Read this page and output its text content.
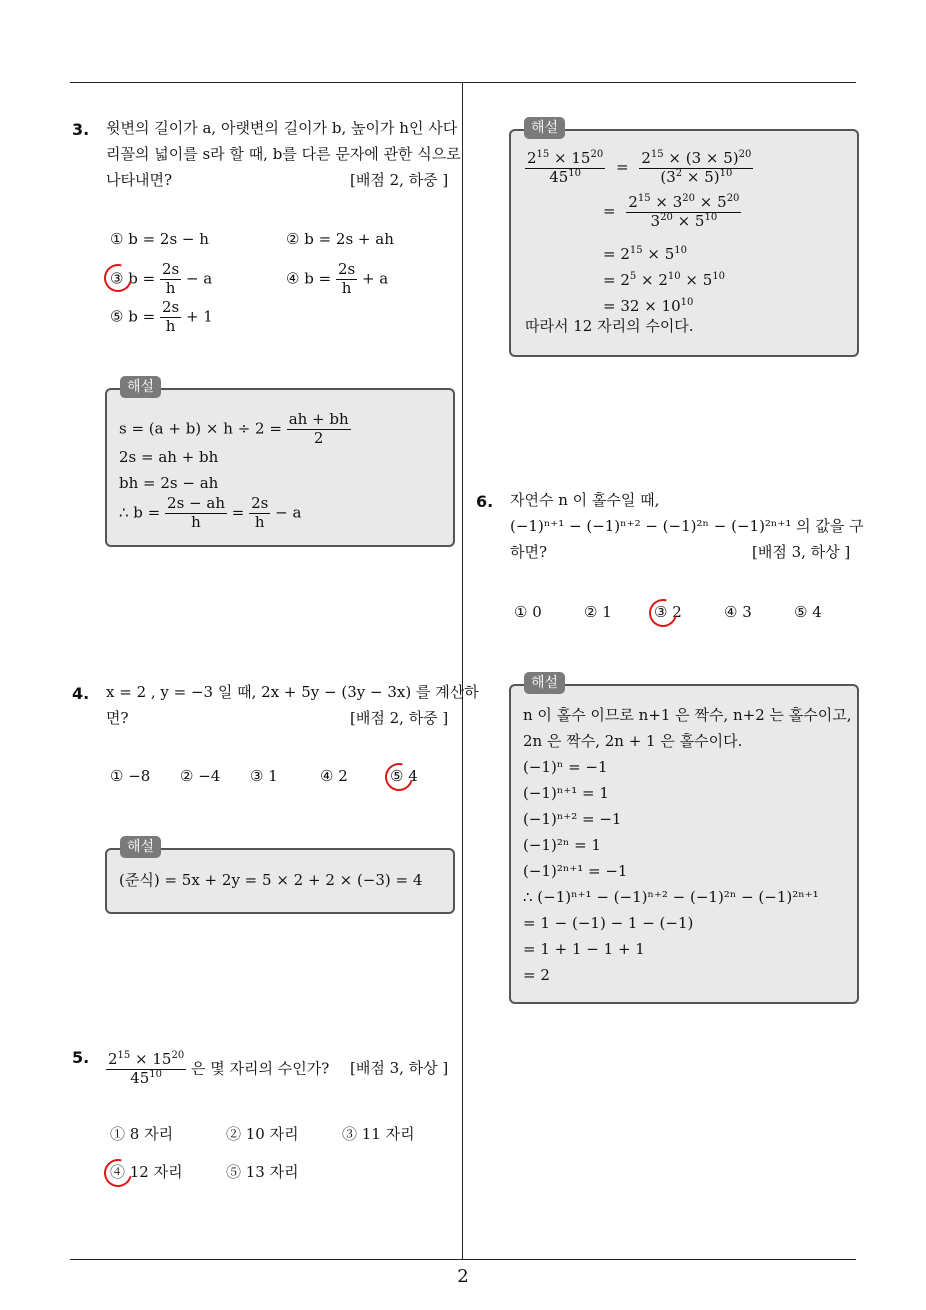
2
3. 윗변의 길이가 a, 아랫변의 길이가 b, 높이가 h인 사다
리꼴의 넓이를 s라 할 때, b를 다른 문자에 관한 식으로
나타내면?	[배점 2, 하중 ]
① b = 2s − h	② b = 2s + ah
③ $b = \frac{2s}{h} - a$	④ $b = \frac{2s}{h} + a$
⑤ $b = \frac{2s}{h} + 1$
$s = (a + b) \times h \div 2 = \frac{ah + bh}{2}$
2s = ah + bh
bh = 2s − ah
∴ $b = \frac{2s - ah}{h} = \frac{2s}{h} - a$
해설
4. x = 2 , y = −3 일 때, 2x + 5y − (3y − 3x) 를 계산하
면?	[배점 2, 하중 ]
① −8 ② −4 ③ 1	④ 2	⑤ 4
(준식) = 5x + 2y = 5 × 2 + 2 × (−3) = 4
해설
5. $\frac{2^{15} \times 15^{20}}{45^{10}}$ 은 몇 자리의 수인가? [배점 3, 하상 ]
① 8 자리	② 10 자리	③ 11 자리
④ 12 자리	⑤ 13 자리
$\frac{2^{15} \times 15^{20}}{45^{10}} = \frac{2^{15} \times (3 \times 5)^{20}}{(3^2 \times 5)^{10}}$
= $\frac{2^{15} \times 3^{20} \times 5^{20}}{3^{20} \times 5^{10}}$
= $2^{15} \times 5^{10}$
= $2^5 \times 2^{10} \times 5^{10}$
= $32 \times 10^{10}$
따라서 12 자리의 수이다.
해설
6. 자연수 n 이 홀수일 때,
(−1)ⁿ⁺¹ − (−1)ⁿ⁺² − (−1)²ⁿ − (−1)²ⁿ⁺¹ 의 값을 구
하면?	[배점 3, 하상 ]
① 0	② 1	③ 2	④ 3	⑤ 4
n 이 홀수 이므로 n+1 은 짝수, n+2 는 홀수이고,
2n 은 짝수, 2n + 1 은 홀수이다.
(−1)ⁿ = −1
(−1)ⁿ⁺¹ = 1
(−1)ⁿ⁺² = −1
(−1)²ⁿ = 1
(−1)²ⁿ⁺¹ = −1
∴ (−1)ⁿ⁺¹ − (−1)ⁿ⁺² − (−1)²ⁿ − (−1)²ⁿ⁺¹
= 1 − (−1) − 1 − (−1)
= 1 + 1 − 1 + 1
= 2
해설
